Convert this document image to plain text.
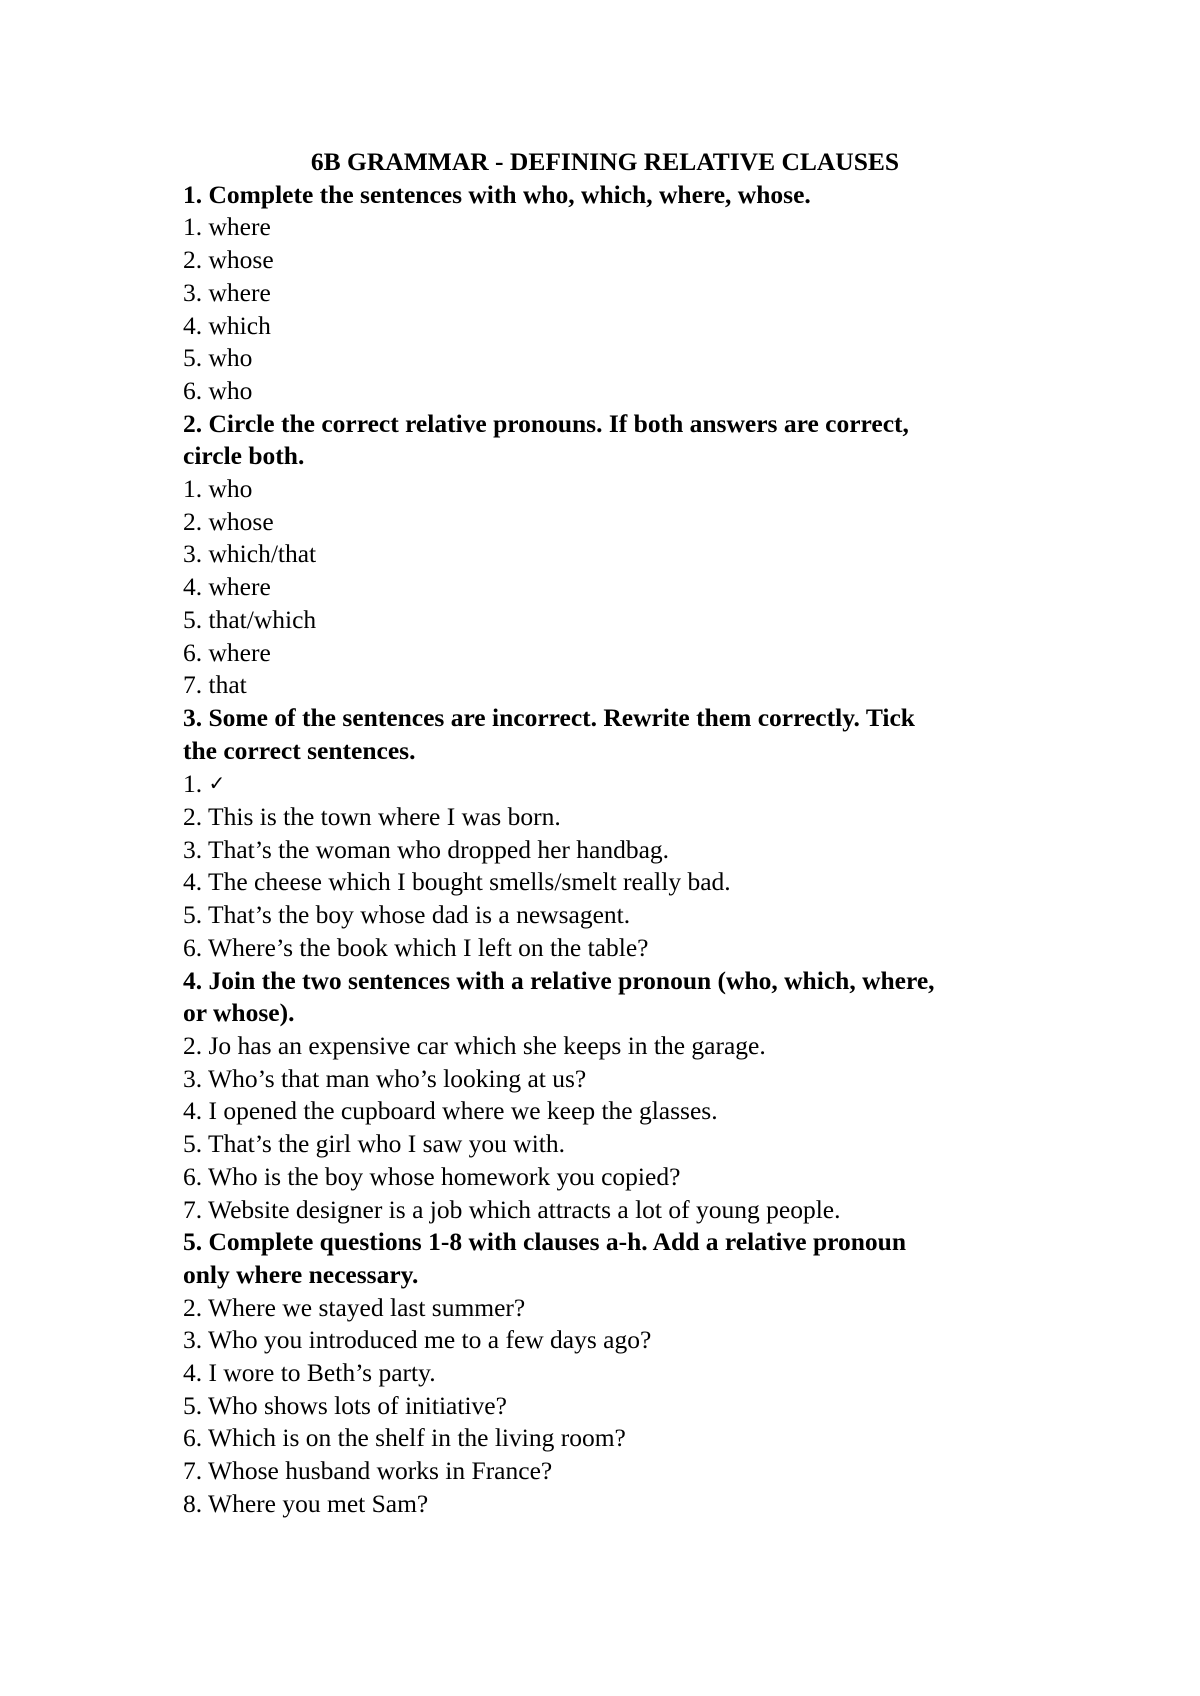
6B GRAMMAR - DEFINING RELATIVE CLAUSES
1. Complete the sentences with who, which, where, whose.
1. where
2. whose
3. where
4. which
5. who
6. who
2. Circle the correct relative pronouns. If both answers are correct,
circle both.
1. who
2. whose
3. which/that
4. where
5. that/which
6. where
7. that
3. Some of the sentences are incorrect. Rewrite them correctly. Tick
the correct sentences.
1. ✓
2. This is the town where I was born.
3. That’s the woman who dropped her handbag.
4. The cheese which I bought smells/smelt really bad.
5. That’s the boy whose dad is a newsagent.
6. Where’s the book which I left on the table?
4. Join the two sentences with a relative pronoun (who, which, where,
or whose).
2. Jo has an expensive car which she keeps in the garage.
3. Who’s that man who’s looking at us?
4. I opened the cupboard where we keep the glasses.
5. That’s the girl who I saw you with.
6. Who is the boy whose homework you copied?
7. Website designer is a job which attracts a lot of young people.
5. Complete questions 1-8 with clauses a-h. Add a relative pronoun
only where necessary.
2. Where we stayed last summer?
3. Who you introduced me to a few days ago?
4. I wore to Beth’s party.
5. Who shows lots of initiative?
6. Which is on the shelf in the living room?
7. Whose husband works in France?
8. Where you met Sam?
